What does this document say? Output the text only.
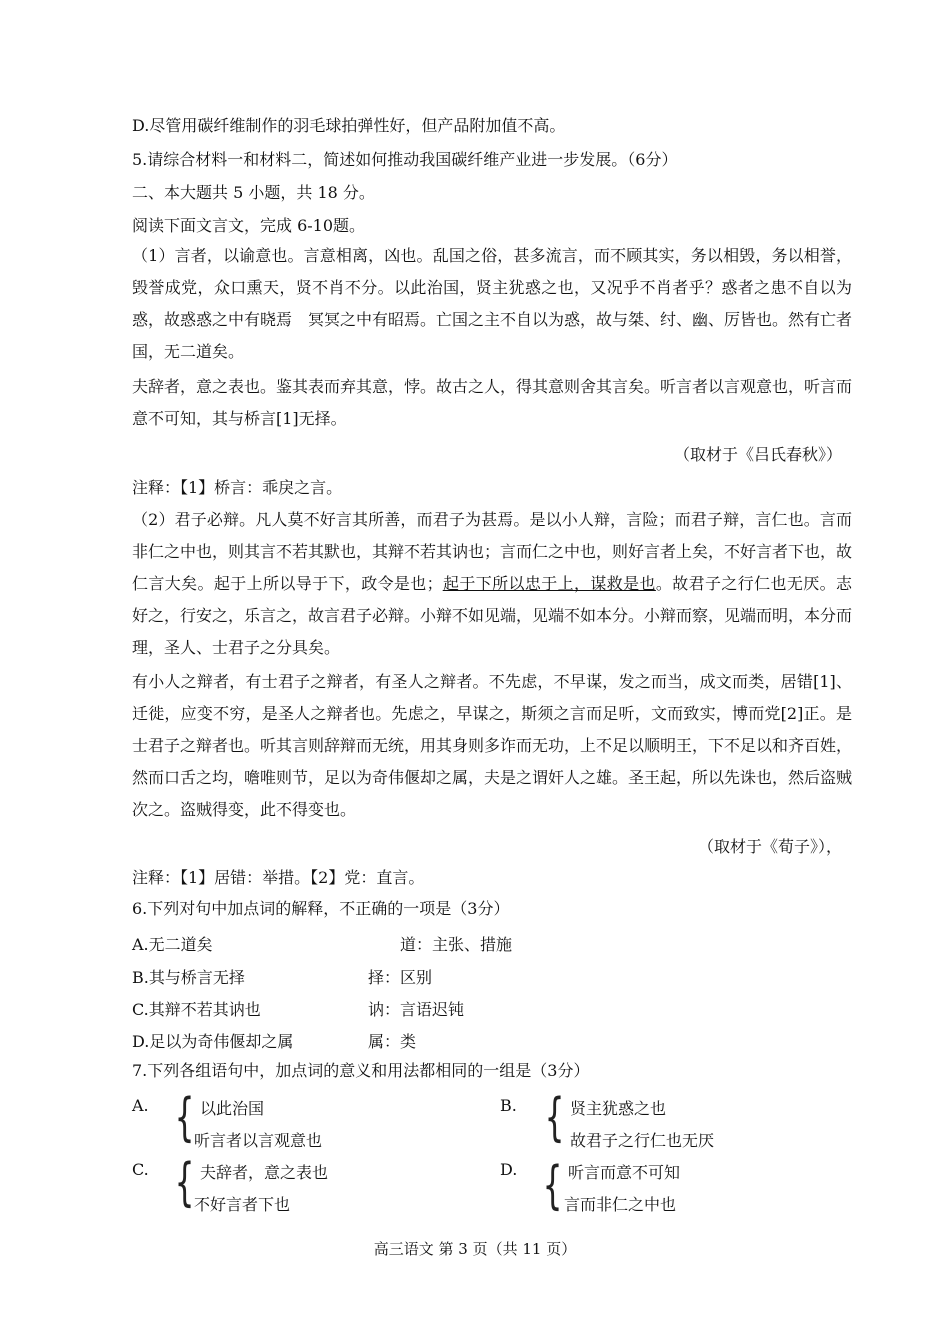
D.尽管用碳纤维制作的羽毛球拍弹性好，但产品附加值不高。
5.请综合材料一和材料二，简述如何推动我国碳纤维产业进一步发展。（6分）
二、本大题共 5 小题，共 18 分。
阅读下面文言文，完成 6-10题。
（1）言者，以谕意也。言意相离，凶也。乱国之俗，甚多流言，而不顾其实，务以相毁，务以相誉，毁誉成党，众口熏天，贤不肖不分。以此治国，贤主犹惑之也，又况乎不肖者乎？惑者之患不自以为惑，故惑惑之中有晓焉　冥冥之中有昭焉。亡国之主不自以为惑，故与桀、纣、幽、厉皆也。然有亡者国，无二道矣。
夫辞者，意之表也。鉴其表而弃其意，悖。故古之人，得其意则舍其言矣。听言者以言观意也，听言而意不可知，其与桥言[1]无择。
（取材于《吕氏春秋》）
注释：【1】桥言：乖戾之言。
（2）君子必辩。凡人莫不好言其所善，而君子为甚焉。是以小人辩，言险；而君子辩，言仁也。言而非仁之中也，则其言不若其默也，其辩不若其讷也；言而仁之中也，则好言者上矣，不好言者下也，故仁言大矣。起于上所以导于下，政令是也；起于下所以忠于上，谋救是也。故君子之行仁也无厌。志好之，行安之，乐言之，故言君子必辩。小辩不如见端，见端不如本分。小辩而察，见端而明，本分而理，圣人、士君子之分具矣。
有小人之辩者，有士君子之辩者，有圣人之辩者。不先虑，不早谋，发之而当，成文而类，居错[1]、迁徙，应变不穷，是圣人之辩者也。先虑之，早谋之，斯须之言而足听，文而致实，博而党[2]正。是士君子之辩者也。听其言则辞辩而无统，用其身则多诈而无功，上不足以顺明王，下不足以和齐百姓，然而口舌之均，噡唯则节，足以为奇伟偃却之属，夫是之谓奸人之雄。圣王起，所以先诛也，然后盗贼次之。盗贼得变，此不得变也。
（取材于《荀子》），
注释：【1】居错：举措。【2】党：直言。
6.下列对句中加点词的解释，不正确的一项是（3分）
A.无二道矣	道：主张、措施
B.其与桥言无择	择：区别
C.其辩不若其讷也	讷：言语迟钝
D.足以为奇伟偃却之属	属：类
7.下列各组语句中，加点词的意义和用法都相同的一组是（3分）
A. { 以此治国
听言者以言观意也
B. { 贤主犹惑之也
故君子之行仁也无厌
C. { 夫辞者，意之表也
不好言者下也
D. { 听言而意不可知
言而非仁之中也
高三语文 第 3 页（共 11 页）
